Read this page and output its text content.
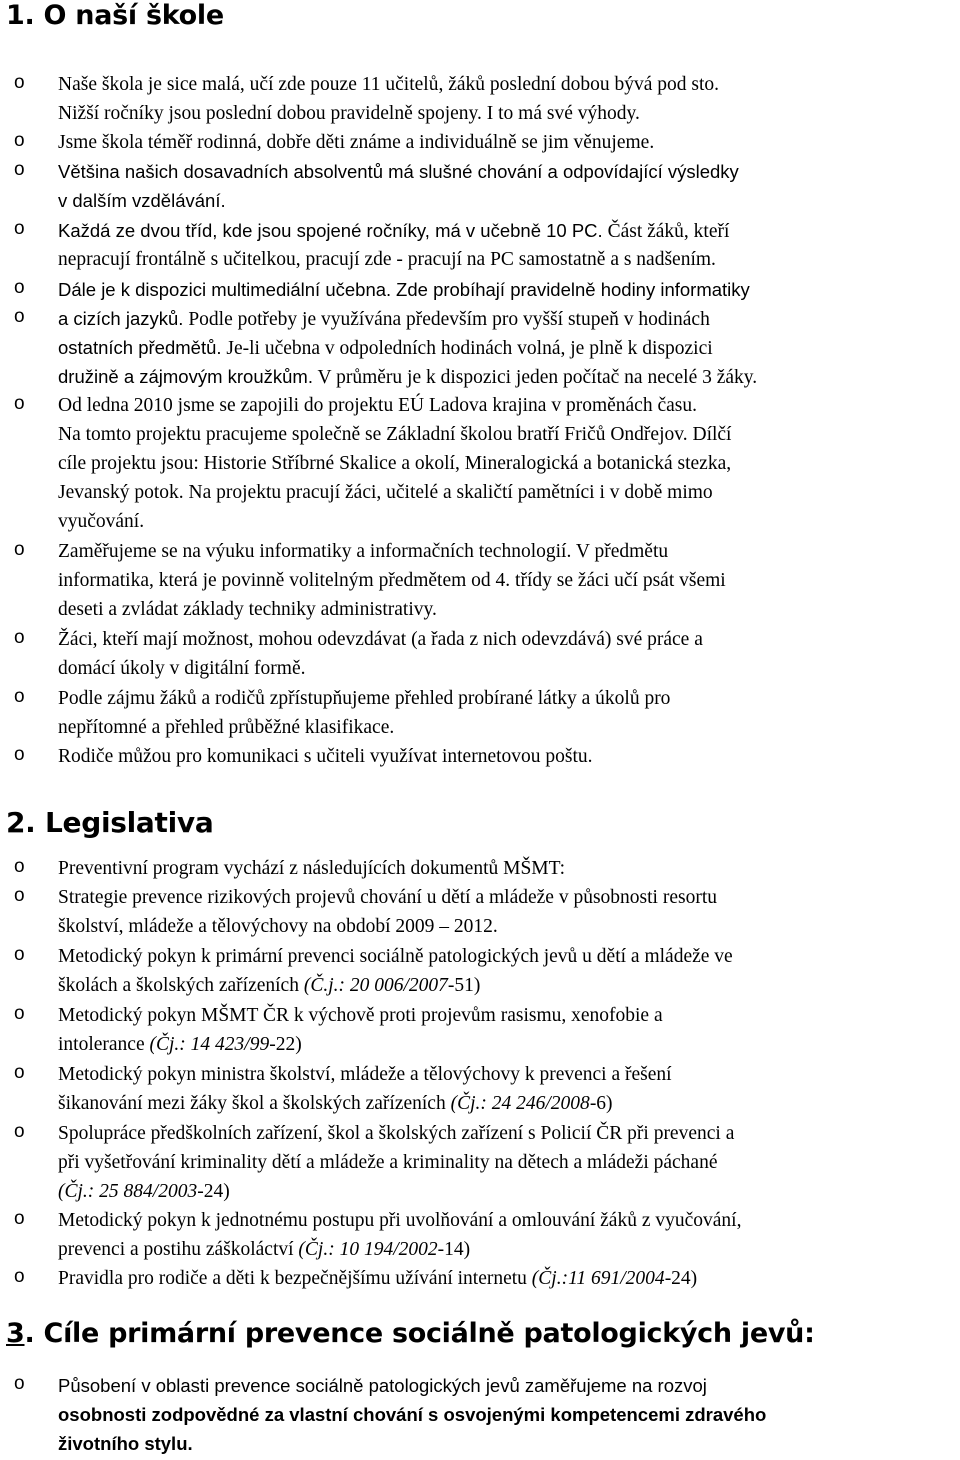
1. O naší škole
o Naše škola je sice malá, učí zde pouze 11 učitelů, žáků poslední dobou bývá pod sto.
Nižší ročníky jsou poslední dobou pravidelně spojeny. I to má své výhody.
o Jsme škola téměř rodinná, dobře děti známe a individuálně se jim věnujeme.
o Většina našich dosavadních absolventů má slušné chování a odpovídající výsledky
v dalším vzdělávání.
o Každá ze dvou tříd, kde jsou spojené ročníky, má v učebně 10 PC. Část žáků, kteří
nepracují frontálně s učitelkou, pracují zde - pracují na PC samostatně a s nadšením.
o Dále je k dispozici multimediální učebna. Zde probíhají pravidelně hodiny informatiky
o a cizích jazyků. Podle potřeby je využívána především pro vyšší stupeň v hodinách
ostatních předmětů. Je-li učebna v odpoledních hodinách volná, je plně k dispozici
družině a zájmovým kroužkům. V průměru je k dispozici jeden počítač na necelé 3 žáky.
o Od ledna 2010 jsme se zapojili do projektu EÚ Ladova krajina v proměnách času.
Na tomto projektu pracujeme společně se Základní školou bratří Fričů Ondřejov. Dílčí
cíle projektu jsou: Historie Stříbrné Skalice a okolí, Mineralogická a botanická stezka,
Jevanský potok. Na projektu pracují žáci, učitelé a skaličtí pamětníci i v době mimo
vyučování.
o Zaměřujeme se na výuku informatiky a informačních technologií. V předmětu
informatika, která je povinně volitelným předmětem od 4. třídy se žáci učí psát všemi
deseti a zvládat základy techniky administrativy.
o Žáci, kteří mají možnost, mohou odevzdávat (a řada z nich odevzdává) své práce a
domácí úkoly v digitální formě.
o Podle zájmu žáků a rodičů zpřístupňujeme přehled probírané látky a úkolů pro
nepřítomné a přehled průběžné klasifikace.
o Rodiče můžou pro komunikaci s učiteli využívat internetovou poštu.
2. Legislativa
o Preventivní program vychází z následujících dokumentů MŠMT:
o Strategie prevence rizikových projevů chování u dětí a mládeže v působnosti resortu
školství, mládeže a tělovýchovy na období 2009 – 2012.
o Metodický pokyn k primární prevenci sociálně patologických jevů u dětí a mládeže ve
školách a školských zařízeních (Č.j.: 20 006/2007-51)
o Metodický pokyn MŠMT ČR k výchově proti projevům rasismu, xenofobie a
intolerance (Čj.: 14 423/99-22)
o Metodický pokyn ministra školství, mládeže a tělovýchovy k prevenci a řešení
šikanování mezi žáky škol a školských zařízeních (Čj.: 24 246/2008-6)
o Spolupráce předškolních zařízení, škol a školských zařízení s Policií ČR při prevenci a
při vyšetřování kriminality dětí a mládeže a kriminality na dětech a mládeži páchané
(Čj.: 25 884/2003-24)
o Metodický pokyn k jednotnému postupu při uvolňování a omlouvání žáků z vyučování,
prevenci a postihu záškoláctví (Čj.: 10 194/2002-14)
o Pravidla pro rodiče a děti k bezpečnějšímu užívání internetu (Čj.:11 691/2004-24)
3. Cíle primární prevence sociálně patologických jevů:
o Působení v oblasti prevence sociálně patologických jevů zaměřujeme na rozvoj
osobnosti zodpovědné za vlastní chování s osvojenými kompetencemi zdravého
životního stylu.
